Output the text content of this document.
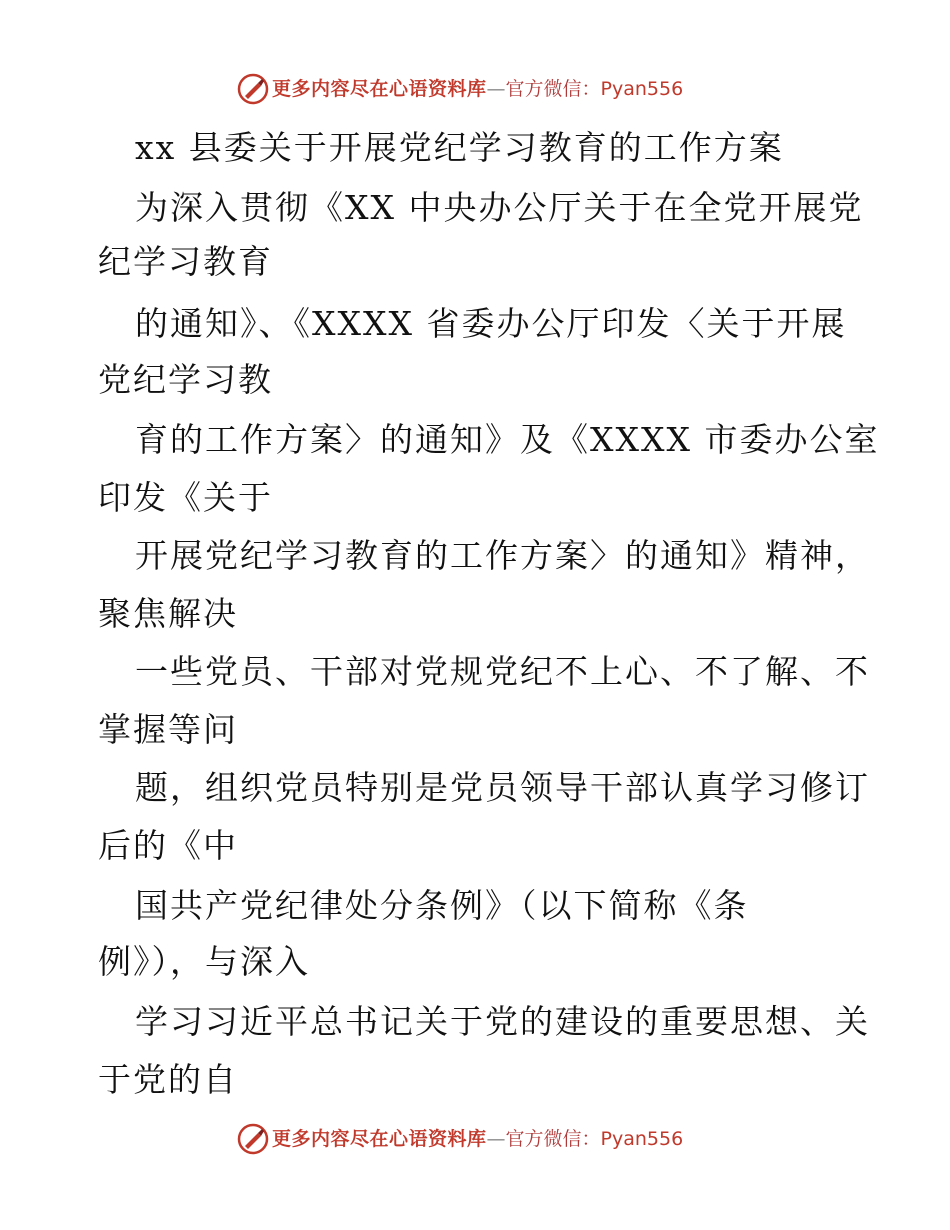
更多内容尽在心语资料库—官方微信：Pyan556
xx 县委关于开展党纪学习教育的工作方案
为深入贯彻《XX 中央办公厅关于在全党开展党
纪学习教育
的通知》、《XXXX 省委办公厅印发〈关于开展
党纪学习教
育的工作方案〉的通知》及《XXXX 市委办公室
印发《关于
开展党纪学习教育的工作方案〉的通知》精神，
聚焦解决
一些党员、干部对党规党纪不上心、不了解、不
掌握等问
题，组织党员特别是党员领导干部认真学习修订
后的《中
国共产党纪律处分条例》（以下简称《条
例》），与深入
学习习近平总书记关于党的建设的重要思想、关
于党的自
更多内容尽在心语资料库—官方微信：Pyan556
